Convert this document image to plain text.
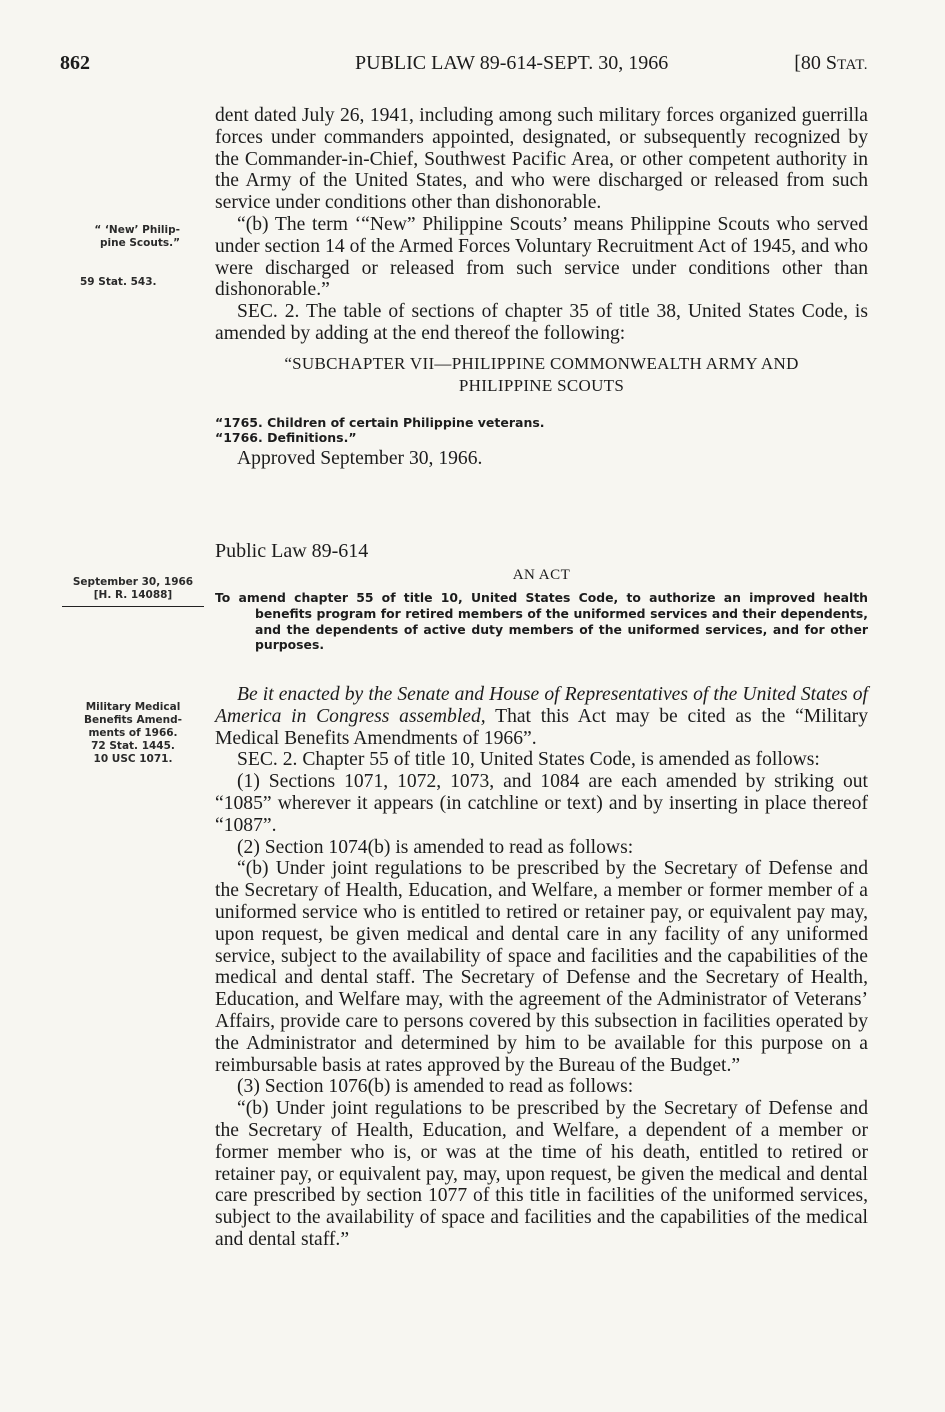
862	PUBLIC LAW 89-614-SEPT. 30, 1966	[80 STAT.
“ ‘New’ Philip-
pine Scouts.”
59 Stat. 543.
September 30, 1966
[H. R. 14088]
Military Medical
Benefits Amend-
ments of 1966.
72 Stat. 1445.
10 USC 1071.

dent dated July 26, 1941, including among such military forces organized guerrilla forces under commanders appointed, designated, or subsequently recognized by the Commander-in-Chief, Southwest Pacific Area, or other competent authority in the Army of the United States, and who were discharged or released from such service under conditions other than dishonorable.

“(b) The term ‘“New” Philippine Scouts’ means Philippine Scouts who served under section 14 of the Armed Forces Voluntary Recruitment Act of 1945, and who were discharged or released from such service under conditions other than dishonorable.”

SEC. 2. The table of sections of chapter 35 of title 38, United States Code, is amended by adding at the end thereof the following:

“SUBCHAPTER VII—PHILIPPINE COMMONWEALTH ARMY AND
PHILIPPINE SCOUTS
“1765. Children of certain Philippine veterans.
“1766. Definitions.”

Approved September 30, 1966.

Public Law 89-614
AN ACT
To amend chapter 55 of title 10, United States Code, to authorize an improved health benefits program for retired members of the uniformed services and their dependents, and the dependents of active duty members of the uniformed services, and for other purposes.

Be it enacted by the Senate and House of Representatives of the United States of America in Congress assembled, That this Act may be cited as the “Military Medical Benefits Amendments of 1966”.

SEC. 2. Chapter 55 of title 10, United States Code, is amended as follows:

(1) Sections 1071, 1072, 1073, and 1084 are each amended by striking out “1085” wherever it appears (in catchline or text) and by inserting in place thereof “1087”.

(2) Section 1074(b) is amended to read as follows:

“(b) Under joint regulations to be prescribed by the Secretary of Defense and the Secretary of Health, Education, and Welfare, a member or former member of a uniformed service who is entitled to retired or retainer pay, or equivalent pay may, upon request, be given medical and dental care in any facility of any uniformed service, subject to the availability of space and facilities and the capabilities of the medical and dental staff. The Secretary of Defense and the Secretary of Health, Education, and Welfare may, with the agreement of the Administrator of Veterans’ Affairs, provide care to persons covered by this subsection in facilities operated by the Administrator and determined by him to be available for this purpose on a reimbursable basis at rates approved by the Bureau of the Budget.”

(3) Section 1076(b) is amended to read as follows:

“(b) Under joint regulations to be prescribed by the Secretary of Defense and the Secretary of Health, Education, and Welfare, a dependent of a member or former member who is, or was at the time of his death, entitled to retired or retainer pay, or equivalent pay, may, upon request, be given the medical and dental care prescribed by section 1077 of this title in facilities of the uniformed services, subject to the availability of space and facilities and the capabilities of the medical and dental staff.”
